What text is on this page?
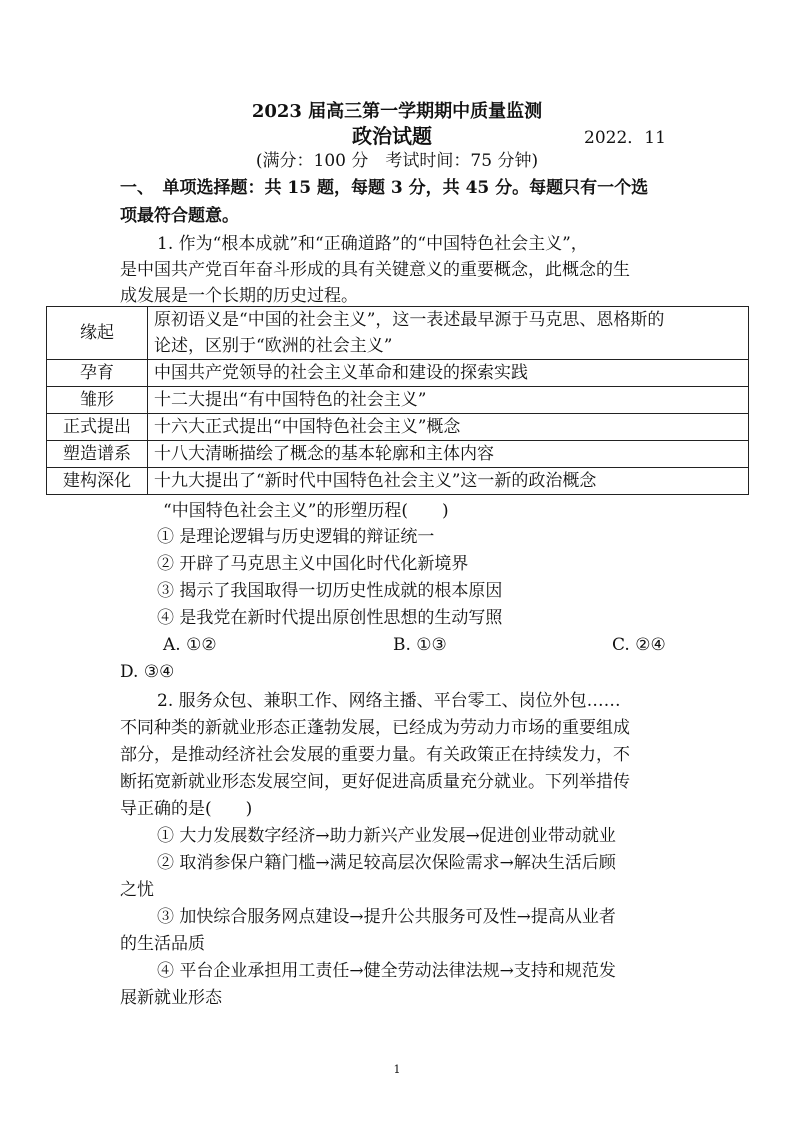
2023 届高三第一学期期中质量监测
政治试题	2022．11
(满分：100 分　考试时间：75 分钟)
一、　单项选择题：共 15 题，每题 3 分，共 45 分。每题只有一个选
项最符合题意。
1. 作为“根本成就”和“正确道路”的“中国特色社会主义”，
是中国共产党百年奋斗形成的具有关键意义的重要概念，此概念的生
成发展是一个长期的历史过程。
缘起	原初语义是“中国的社会主义”，这一表述最早源于马克思、恩格斯的
论述，区别于“欧洲的社会主义”

孕育	中国共产党领导的社会主义革命和建设的探索实践
雏形	十二大提出“有中国特色的社会主义”
正式提出	十六大正式提出“中国特色社会主义”概念
塑造谱系	十八大清晰描绘了概念的基本轮廓和主体内容
建构深化	十九大提出了“新时代中国特色社会主义”这一新的政治概念
“中国特色社会主义”的形塑历程(　　)
① 是理论逻辑与历史逻辑的辩证统一
② 开辟了马克思主义中国化时代化新境界
③ 揭示了我国取得一切历史性成就的根本原因
④ 是我党在新时代提出原创性思想的生动写照
A. ①②	B. ①③	C. ②④
D. ③④
2. 服务众包、兼职工作、网络主播、平台零工、岗位外包……
不同种类的新就业形态正蓬勃发展，已经成为劳动力市场的重要组成
部分，是推动经济社会发展的重要力量。有关政策正在持续发力，不
断拓宽新就业形态发展空间，更好促进高质量充分就业。下列举措传
导正确的是(　　)
① 大力发展数字经济→助力新兴产业发展→促进创业带动就业
② 取消参保户籍门槛→满足较高层次保险需求→解决生活后顾
之忧
③ 加快综合服务网点建设→提升公共服务可及性→提高从业者
的生活品质
④ 平台企业承担用工责任→健全劳动法律法规→支持和规范发
展新就业形态
1
